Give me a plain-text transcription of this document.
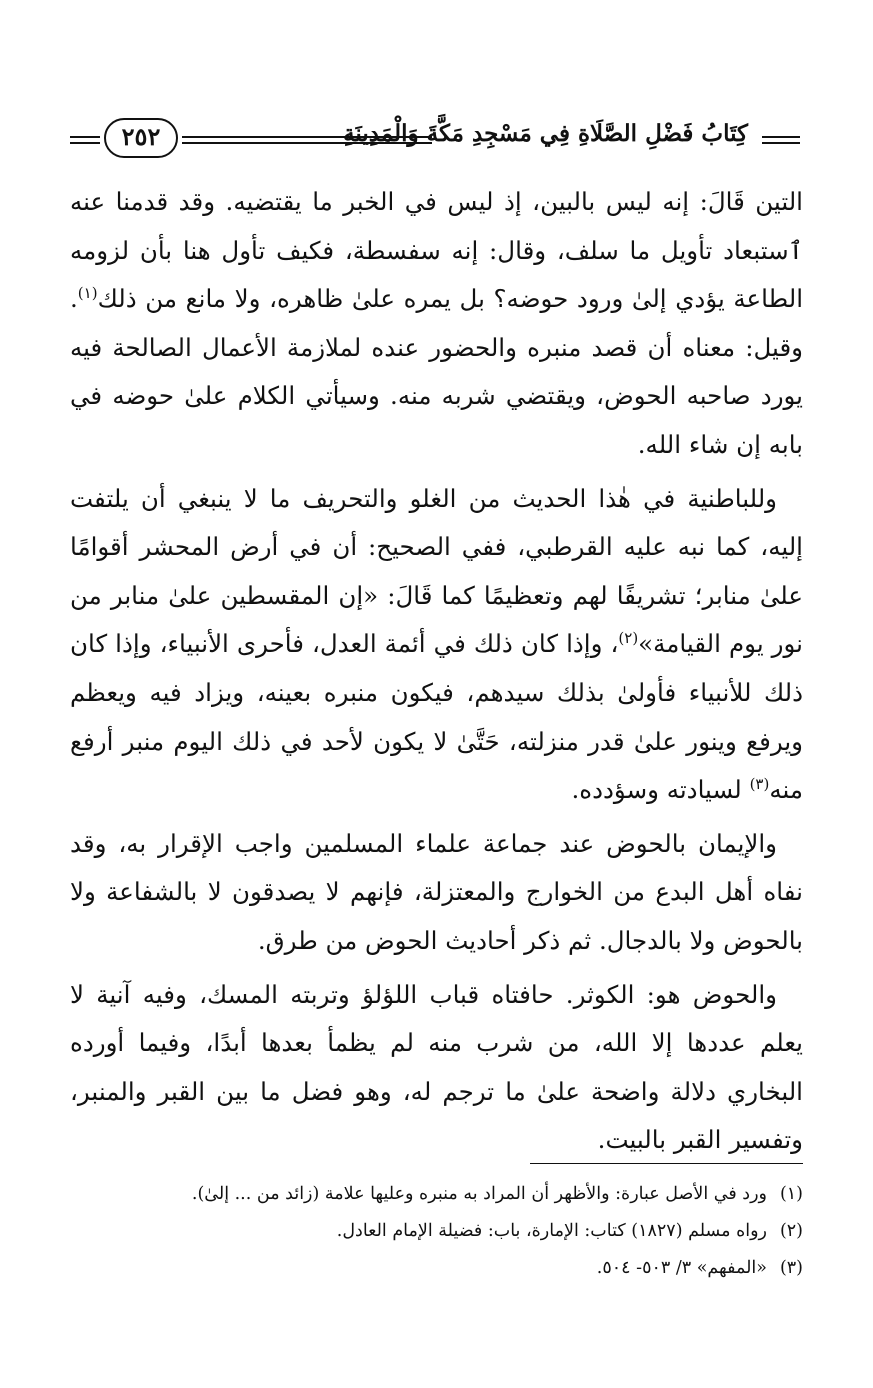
كِتَابُ فَضْلِ الصَّلَاةِ فِي مَسْجِدِ مَكَّةَ وَالْمَدِينَةِ
٢٥٢

التين قَالَ: إنه ليس بالبين، إذ ليس في الخبر ما يقتضيه. وقد قدمنا عنه ٱستبعاد تأويل ما سلف، وقال: إنه سفسطة، فكيف تأول هنا بأن لزومه الطاعة يؤدي إلىٰ ورود حوضه؟ بل يمره علىٰ ظاهره، ولا مانع من ذلك$^{(١)}$. وقيل: معناه أن قصد منبره والحضور عنده لملازمة الأعمال الصالحة فيه يورد صاحبه الحوض، ويقتضي شربه منه. وسيأتي الكلام علىٰ حوضه في بابه إن شاء الله.

وللباطنية في هٰذا الحديث من الغلو والتحريف ما لا ينبغي أن يلتفت إليه، كما نبه عليه القرطبي، ففي الصحيح: أن في أرض المحشر أقوامًا علىٰ منابر؛ تشريفًا لهم وتعظيمًا كما قَالَ: «إن المقسطين علىٰ منابر من نور يوم القيامة»$^{(٢)}$، وإذا كان ذلك في أئمة العدل، فأحرى الأنبياء، وإذا كان ذلك للأنبياء فأولىٰ بذلك سيدهم، فيكون منبره بعينه، ويزاد فيه ويعظم ويرفع وينور علىٰ قدر منزلته، حَتَّىٰ لا يكون لأحد في ذلك اليوم منبر أرفع منه$^{(٣)}$ لسيادته وسؤدده.

والإيمان بالحوض عند جماعة علماء المسلمين واجب الإقرار به، وقد نفاه أهل البدع من الخوارج والمعتزلة، فإنهم لا يصدقون لا بالشفاعة ولا بالحوض ولا بالدجال. ثم ذكر أحاديث الحوض من طرق.

والحوض هو: الكوثر. حافتاه قباب اللؤلؤ وتربته المسك، وفيه آنية لا يعلم عددها إلا الله، من شرب منه لم يظمأ بعدها أبدًا، وفيما أورده البخاري دلالة واضحة علىٰ ما ترجم له، وهو فضل ما بين القبر والمنبر، وتفسير القبر بالبيت.

(١)
ورد في الأصل عبارة: والأظهر أن المراد به منبره وعليها علامة (زائد من ... إلىٰ).
(٢)
رواه مسلم (١٨٢٧) كتاب: الإمارة، باب: فضيلة الإمام العادل.
(٣)
«المفهم» ٣/ ٥٠٣- ٥٠٤.
